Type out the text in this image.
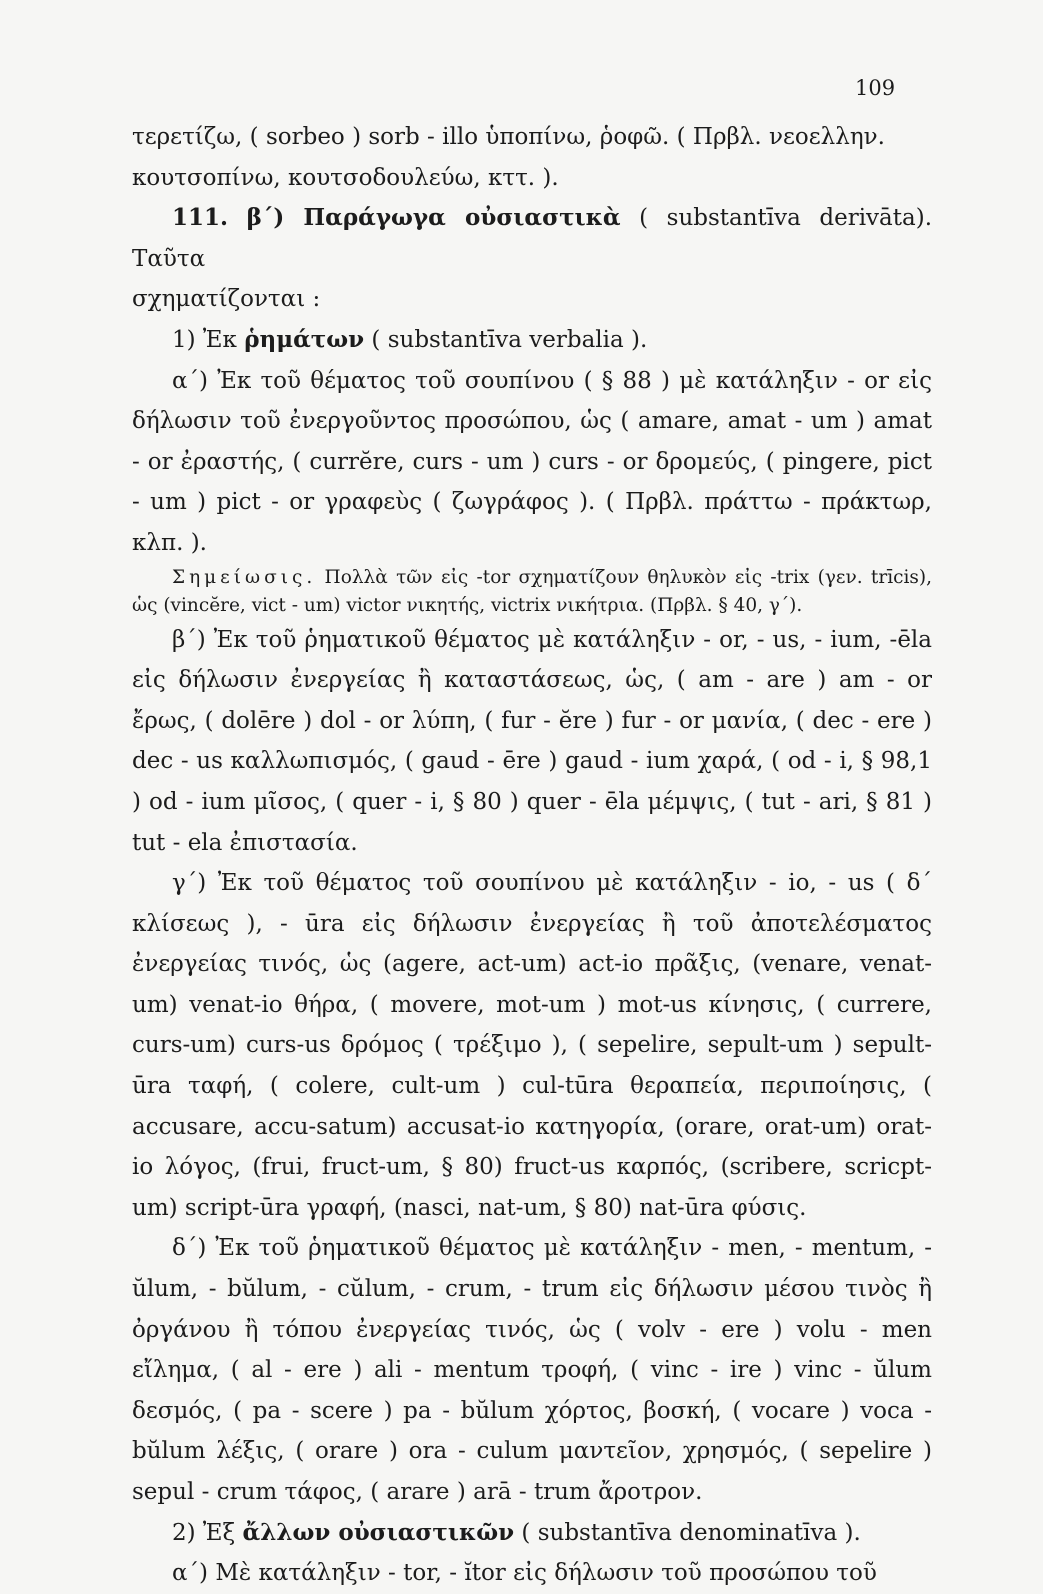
109

τερετίζω, ( sorbeo ) sorb - illo ὑποπίνω, ῥοφῶ. ( Πρβλ. νεοελλην.
κουτσοπίνω, κουτσοδουλεύω, κττ. ).

111. β΄) Παράγωγα οὐσιαστικὰ ( substantīva derivāta). Ταῦτα
σχηματίζονται :

1) Ἐκ ῥημάτων ( substantīva verbalia ).

α΄) Ἐκ τοῦ θέματος τοῦ σουπίνου ( § 88 ) μὲ κατάληξιν - or εἰς δήλωσιν τοῦ ἐνεργοῦντος προσώπου, ὡς ( amare, amat - um ) amat - or ἐραστής, ( currĕre, curs - um ) curs - or δρομεύς, ( pingere, pict - um ) pict - or γραφεὺς ( ζωγράφος ). ( Πρβλ. πράττω - πράκτωρ, κλπ. ).

Σημείωσις. Πολλὰ τῶν εἰς -tor σχηματίζουν θηλυκὸν εἰς -trix (γεν. trīcis), ὡς (vincĕre, vict - um) victor νικητής, victrix νικήτρια. (Πρβλ. § 40, γ΄).

β΄) Ἐκ τοῦ ῥηματικοῦ θέματος μὲ κατάληξιν - or, - us, - ium, -ēla εἰς δήλωσιν ἐνεργείας ἢ καταστάσεως, ὡς, ( am - are ) am - or ἔρως, ( dolēre ) dol - or λύπη, ( fur - ĕre ) fur - or μανία, ( dec - ere ) dec - us καλλωπισμός, ( gaud - ēre ) gaud - ium χαρά, ( od - i, § 98,1 ) od - ium μῖσος, ( quer - i, § 80 ) quer - ēla μέμψις, ( tut - ari, § 81 ) tut - ela ἐπιστασία.

γ΄) Ἐκ τοῦ θέματος τοῦ σουπίνου μὲ κατάληξιν - io, - us ( δ΄ κλίσεως ), - ūra εἰς δήλωσιν ἐνεργείας ἢ τοῦ ἀποτελέσματος ἐνεργείας τινός, ὡς (agere, act-um) act-io πρᾶξις, (venare, venat-um) venat-io θήρα, ( movere, mot-um ) mot-us κίνησις, ( currere, curs-um) curs-us δρόμος ( τρέξιμο ), ( sepelire, sepult-um ) sepult-ūra ταφή, ( colere, cult-um ) cul-tūra θεραπεία, περιποίησις, ( accusare, accu-satum) accusat-io κατηγορία, (orare, orat-um) orat-io λόγος, (frui, fruct-um, § 80) fruct-us καρπός, (scribere, scricpt-um) script-ūra γραφή, (nasci, nat-um, § 80) nat-ūra φύσις.

δ΄) Ἐκ τοῦ ῥηματικοῦ θέματος μὲ κατάληξιν - men, - mentum, - ŭlum, - bŭlum, - cŭlum, - crum, - trum εἰς δήλωσιν μέσου τινὸς ἢ ὀργάνου ἢ τόπου ἐνεργείας τινός, ὡς ( volv - ere ) volu - men εἴλημα, ( al - ere ) ali - mentum τροφή, ( vinc - ire ) vinc - ŭlum δεσμός, ( pa - scere ) pa - bŭlum χόρτος, βοσκή, ( vocare ) voca - bŭlum λέξις, ( orare ) ora - culum μαντεῖον, χρησμός, ( sepelire ) sepul - crum τάφος, ( arare ) arā - trum ἄροτρον.

2) Ἐξ ἄλλων οὐσιαστικῶν ( substantīva denominatīva ).

α΄) Μὲ κατάληξιν - tor, - ĭtor εἰς δήλωσιν τοῦ προσώπου τοῦ
